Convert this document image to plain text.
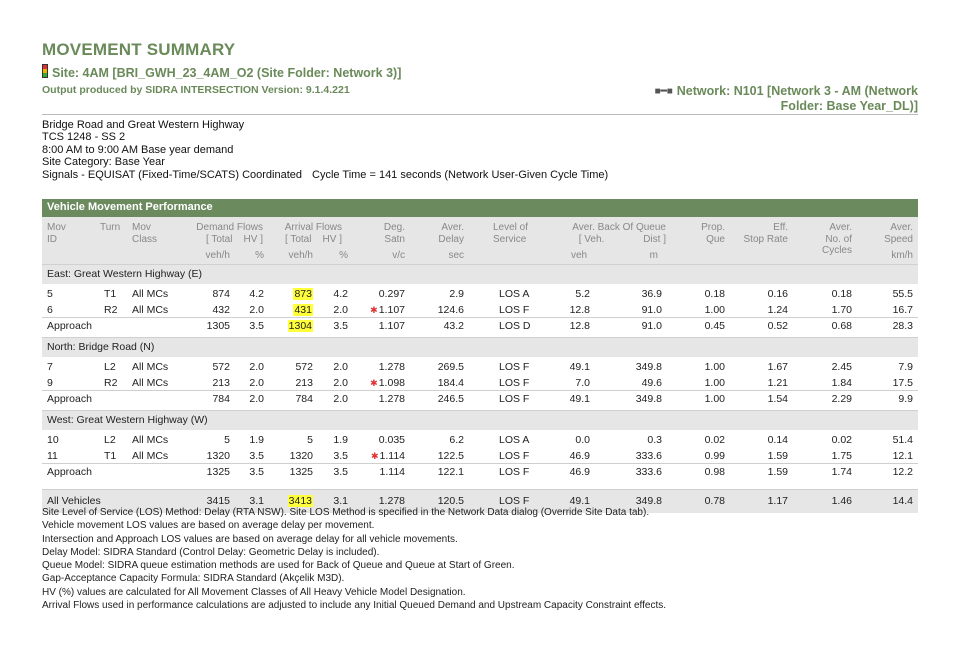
MOVEMENT SUMMARY
Site: 4AM [BRI_GWH_23_4AM_O2 (Site Folder: Network 3)]
Output produced by SIDRA INTERSECTION Version: 9.1.4.221	■━■ Network: N101 [Network 3 - AM (Network
Folder: Base Year_DL)]
Bridge Road and Great Western Highway
TCS 1248 - SS 2
8:00 AM to 9:00 AM Base year demand
Site Category: Base Year
Signals - EQUISAT (Fixed-Time/SCATS) Coordinated Cycle Time = 141 seconds (Network User-Given Cycle Time)
Vehicle Movement Performance
Mov
ID
Turn Mov
Class
Demand Flows
[ Total    HV ]
Arrival Flows
[ Total    HV ]
Deg.
Satn
Aver.
Delay
Level of
Service
Aver. Back Of Queue
[ Veh.              Dist ]
Prop.
Que
Eff.
Stop Rate
Aver.
No. of
Cycles
Aver.
Speed
veh/h	% veh/h	%	v/c	sec	veh	m	km/h
East: Great Western Highway (E)
5	T1 All MCs	874 4.2	873 4.2	0.297	2.9	LOS A	5.2	36.9	0.18	0.16	0.18	55.5
6	R2 All MCs	432 2.0	431 2.0 ✱1.107	124.6	LOS F	12.8	91.0	1.00	1.24	1.70	16.7
Approach	1305 3.5 1304 3.5	1.107	43.2	LOS D	12.8	91.0	0.45	0.52	0.68	28.3
North: Bridge Road (N)
7	L2 All MCs	572 2.0	572 2.0	1.278	269.5	LOS F	49.1	349.8	1.00	1.67	2.45	7.9
9	R2 All MCs	213 2.0	213 2.0 ✱1.098	184.4	LOS F	7.0	49.6	1.00	1.21	1.84	17.5
Approach	784 2.0	784 2.0	1.278	246.5	LOS F	49.1	349.8	1.00	1.54	2.29	9.9
West: Great Western Highway (W)
10	L2 All MCs	5 1.9	5 1.9	0.035	6.2	LOS A	0.0	0.3	0.02	0.14	0.02	51.4
11	T1 All MCs	1320 3.5 1320 3.5	✱1.114	122.5	LOS F	46.9	333.6	0.99	1.59	1.75	12.1
Approach	1325 3.5 1325 3.5	1.114	122.1	LOS F	46.9	333.6	0.98	1.59	1.74	12.2
All Vehicles	3415 3.1 3413 3.1	1.278	120.5	LOS F	49.1	349.8	0.78	1.17	1.46	14.4
Site Level of Service (LOS) Method: Delay (RTA NSW). Site LOS Method is specified in the Network Data dialog (Override Site Data tab).
Vehicle movement LOS values are based on average delay per movement.
Intersection and Approach LOS values are based on average delay for all vehicle movements.
Delay Model: SIDRA Standard (Control Delay: Geometric Delay is included).
Queue Model: SIDRA queue estimation methods are used for Back of Queue and Queue at Start of Green.
Gap-Acceptance Capacity Formula: SIDRA Standard (Akçelik M3D).
HV (%) values are calculated for All Movement Classes of All Heavy Vehicle Model Designation.
Arrival Flows used in performance calculations are adjusted to include any Initial Queued Demand and Upstream Capacity Constraint effects.
